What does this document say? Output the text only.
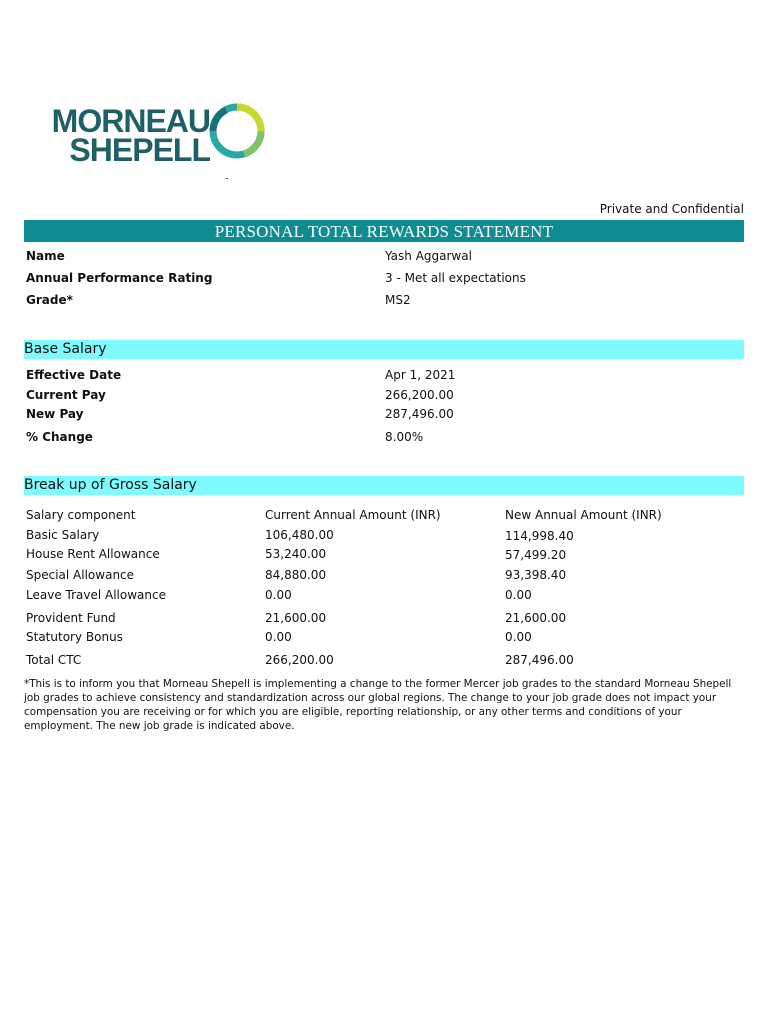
MORNEAU
SHEPELL
Private and Confidential
PERSONAL TOTAL REWARDS STATEMENT
Name	Yash Aggarwal
Annual Performance Rating	3 - Met all expectations
Grade*	MS2
Base Salary
Effective Date	Apr 1, 2021
Current Pay	266,200.00
New Pay	287,496.00
% Change	8.00%
Break up of Gross Salary
Salary component	Current Annual Amount (INR)	New Annual Amount (INR)
Basic Salary	106,480.00	114,998.40
House Rent Allowance	53,240.00	57,499.20
Special Allowance	84,880.00	93,398.40
Leave Travel Allowance	0.00	0.00
Provident Fund	21,600.00	21,600.00
Statutory Bonus	0.00	0.00
Total CTC	266,200.00	287,496.00
*This is to inform you that Morneau Shepell is implementing a change to the former Mercer job grades to the standard Morneau Shepell job grades to achieve consistency and standardization across our global regions. The change to your job grade does not impact your compensation you are receiving or for which you are eligible, reporting relationship, or any other terms and conditions of your employment. The new job grade is indicated above.
